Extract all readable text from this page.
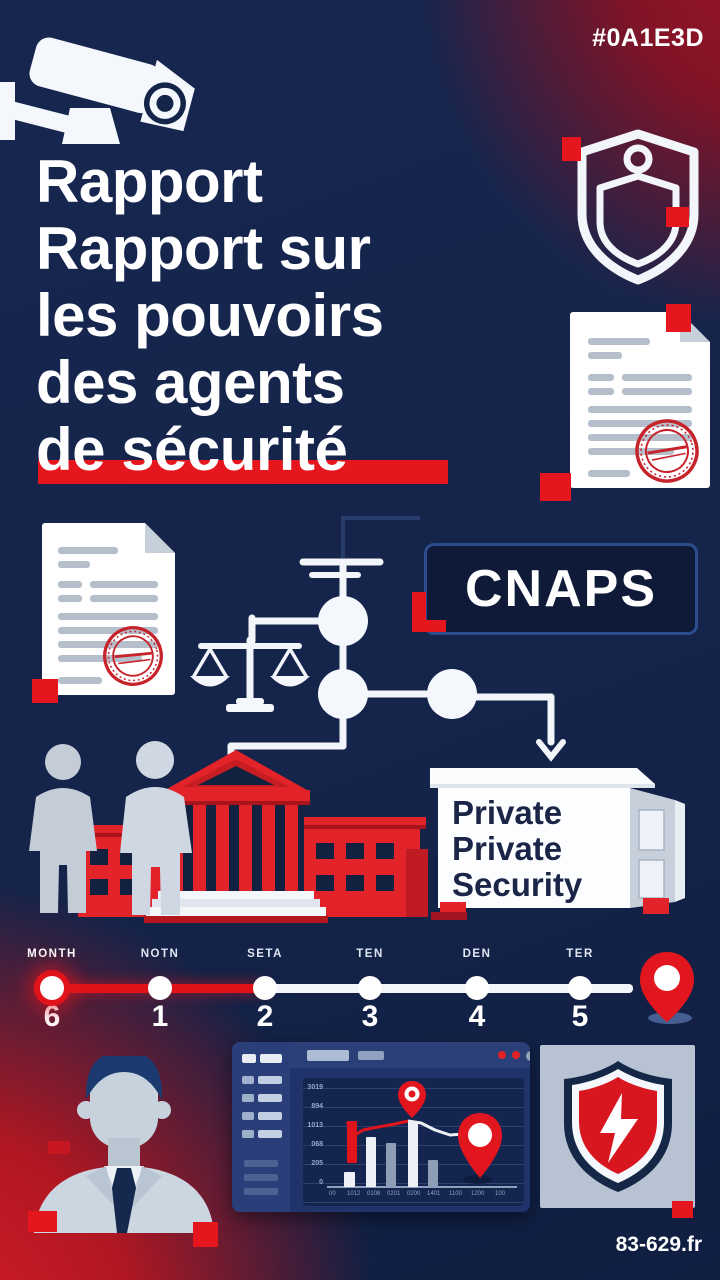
#0A1E3D
Rapport
Rapport sur
les pouvoirs
des agents
de sécurité
CNAPS
Private
Private
Security
MONTH	NOTN	SETA	TEN	DEN	TER
6	1	2	3	4	5
3019
894
1013
068
205
0
00 1012 0108 0201 0200 1401 1100 1200 100
83-629.fr
